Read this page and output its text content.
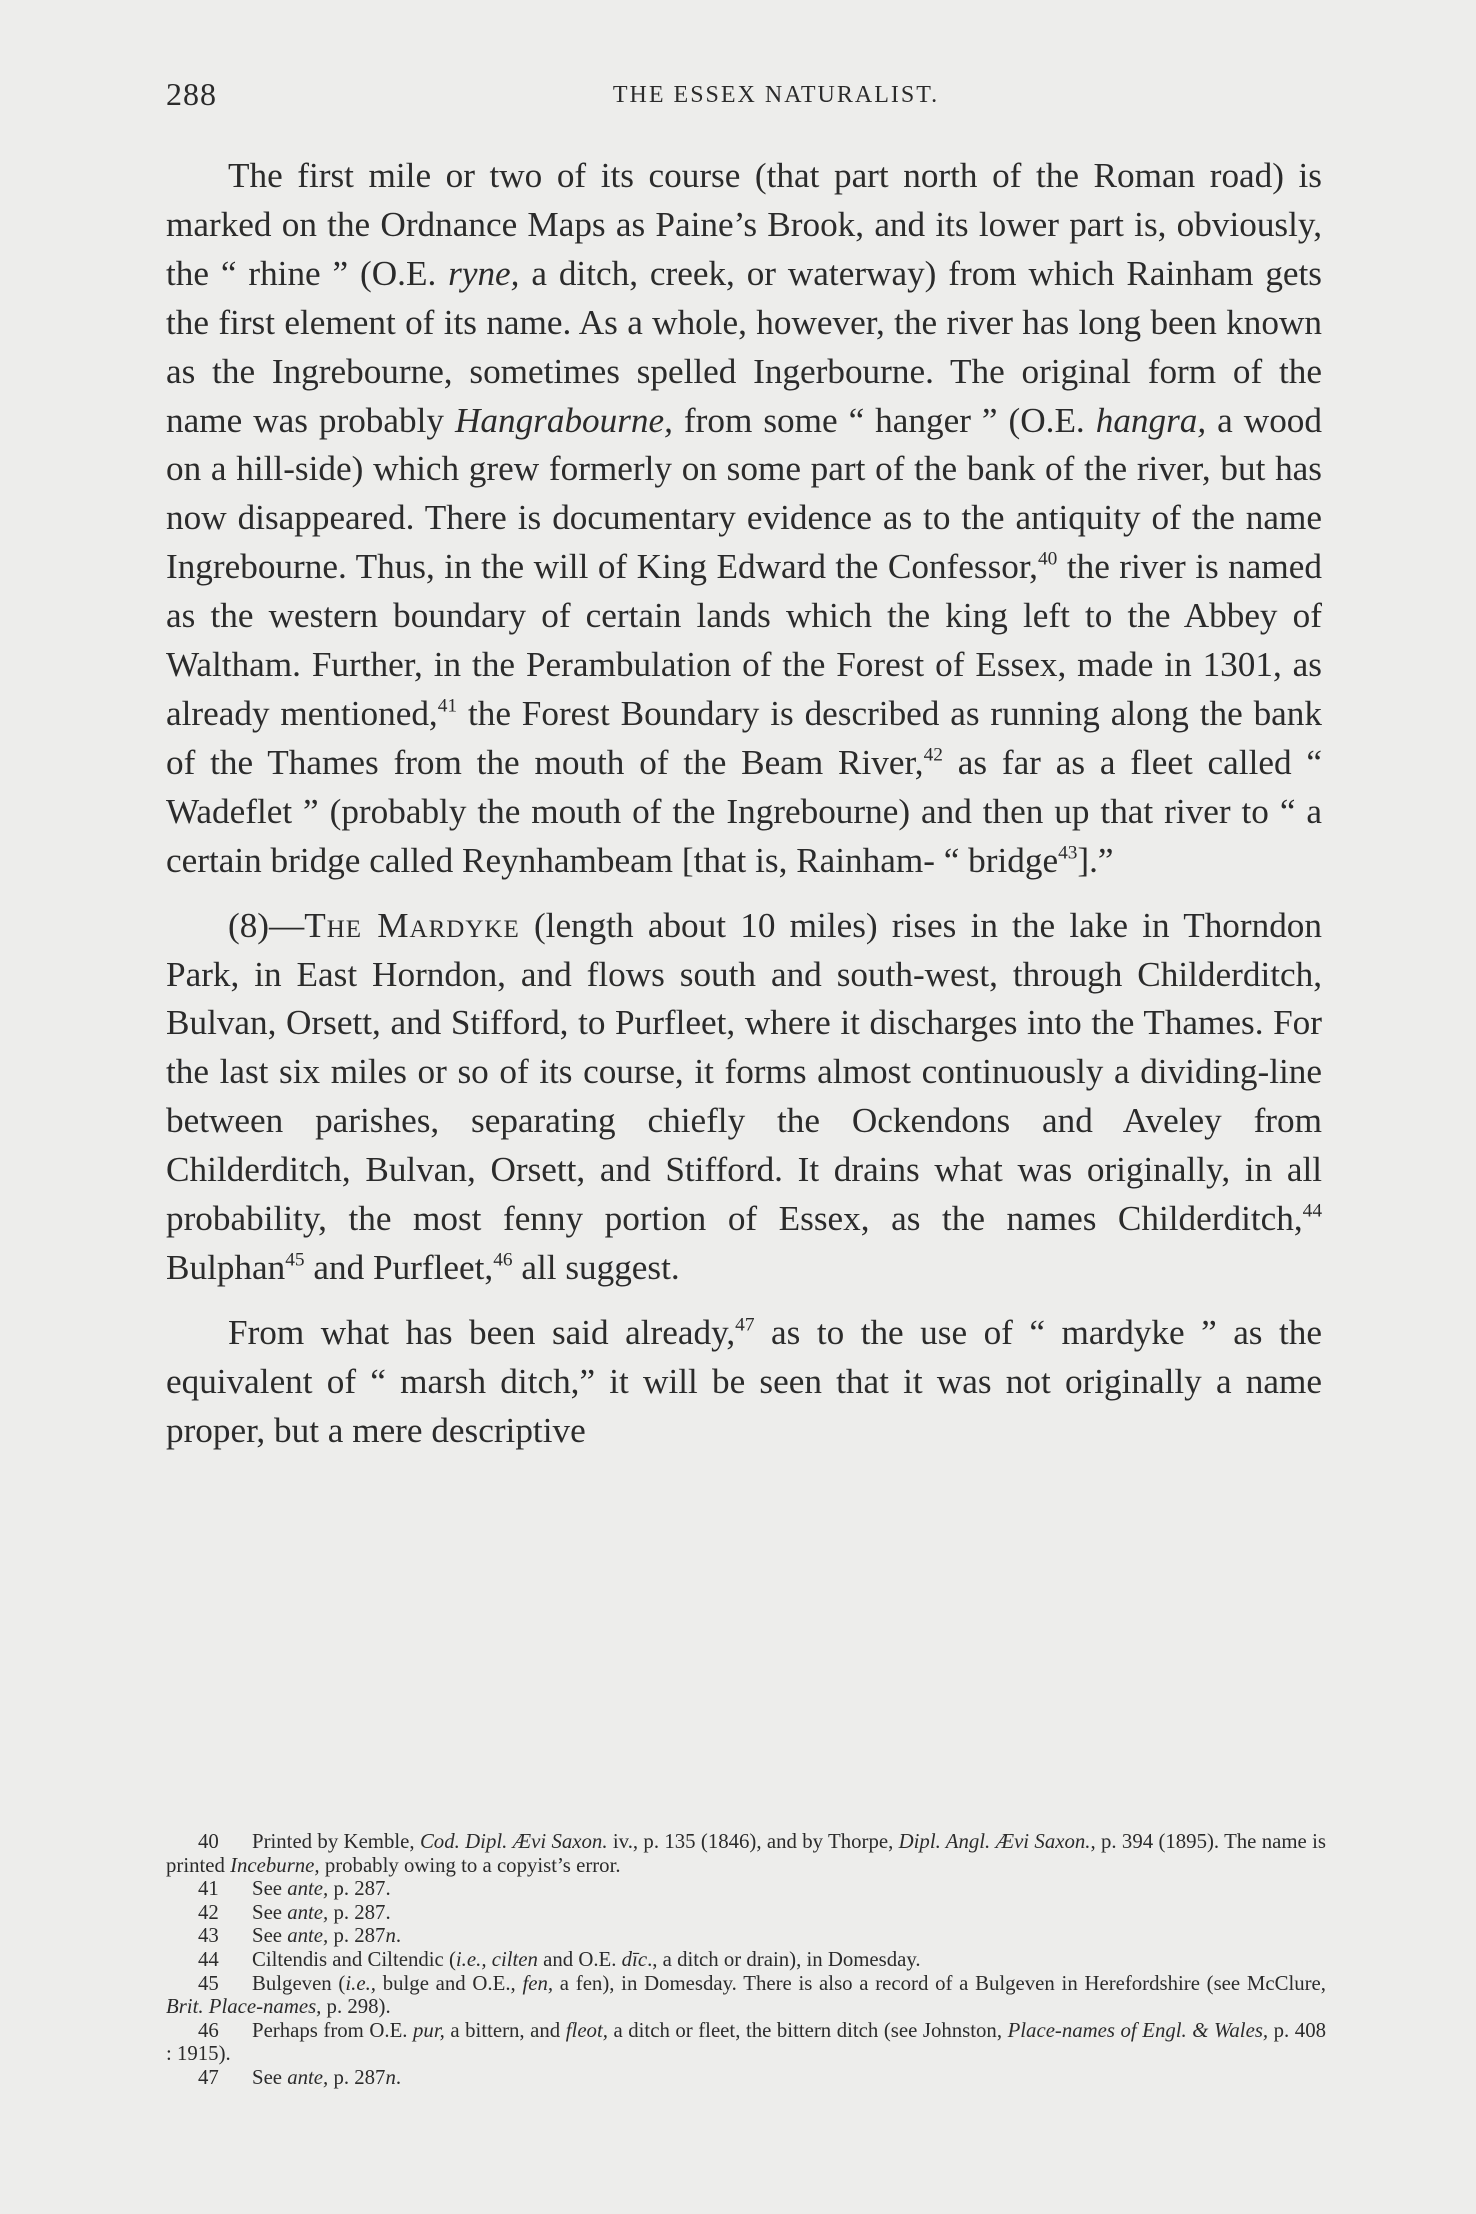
288	THE ESSEX NATURALIST.

The first mile or two of its course (that part north of the Roman road) is marked on the Ordnance Maps as Paine’s Brook, and its lower part is, obviously, the “ rhine ” (O.E. ryne, a ditch, creek, or waterway) from which Rainham gets the first element of its name. As a whole, however, the river has long been known as the Ingrebourne, sometimes spelled Ingerbourne. The original form of the name was probably Hangrabourne, from some “ hanger ” (O.E. hangra, a wood on a hill-side) which grew formerly on some part of the bank of the river, but has now disappeared. There is documentary evidence as to the antiquity of the name Ingrebourne. Thus, in the will of King Edward the Confessor,$^{40}$ the river is named as the western boundary of certain lands which the king left to the Abbey of Waltham. Further, in the Perambulation of the Forest of Essex, made in 1301, as already mentioned,$^{41}$ the Forest Boundary is described as running along the bank of the Thames from the mouth of the Beam River,$^{42}$ as far as a fleet called “ Wadeflet ” (probably the mouth of the Ingrebourne) and then up that river to “ a certain bridge called Reynhambeam [that is, Rainham- “ bridge$^{43}$].”

(8)—The Mardyke (length about 10 miles) rises in the lake in Thorndon Park, in East Horndon, and flows south and south-west, through Childerditch, Bulvan, Orsett, and Stifford, to Purfleet, where it discharges into the Thames. For the last six miles or so of its course, it forms almost continuously a dividing-line between parishes, separating chiefly the Ockendons and Aveley from Childerditch, Bulvan, Orsett, and Stifford. It drains what was originally, in all probability, the most fenny portion of Essex, as the names Childerditch,$^{44}$ Bulphan$^{45}$ and Purfleet,$^{46}$ all suggest.

From what has been said already,$^{47}$ as to the use of “ mardyke ” as the equivalent of “ marsh ditch,” it will be seen that it was not originally a name proper, but a mere descriptive

40 Printed by Kemble, Cod. Dipl. Ævi Saxon. iv., p. 135 (1846), and by Thorpe, Dipl. Angl. Ævi Saxon., p. 394 (1895). The name is printed Inceburne, probably owing to a copyist’s error.

41 See ante, p. 287.

42 See ante, p. 287.

43 See ante, p. 287n.

44 Ciltendis and Ciltendic (i.e., cilten and O.E. dīc., a ditch or drain), in Domesday.

45 Bulgeven (i.e., bulge and O.E., fen, a fen), in Domesday. There is also a record of a Bulgeven in Herefordshire (see McClure, Brit. Place-names, p. 298).

46 Perhaps from O.E. pur, a bittern, and fleot, a ditch or fleet, the bittern ditch (see Johnston, Place-names of Engl. & Wales, p. 408 : 1915).

47 See ante, p. 287n.
